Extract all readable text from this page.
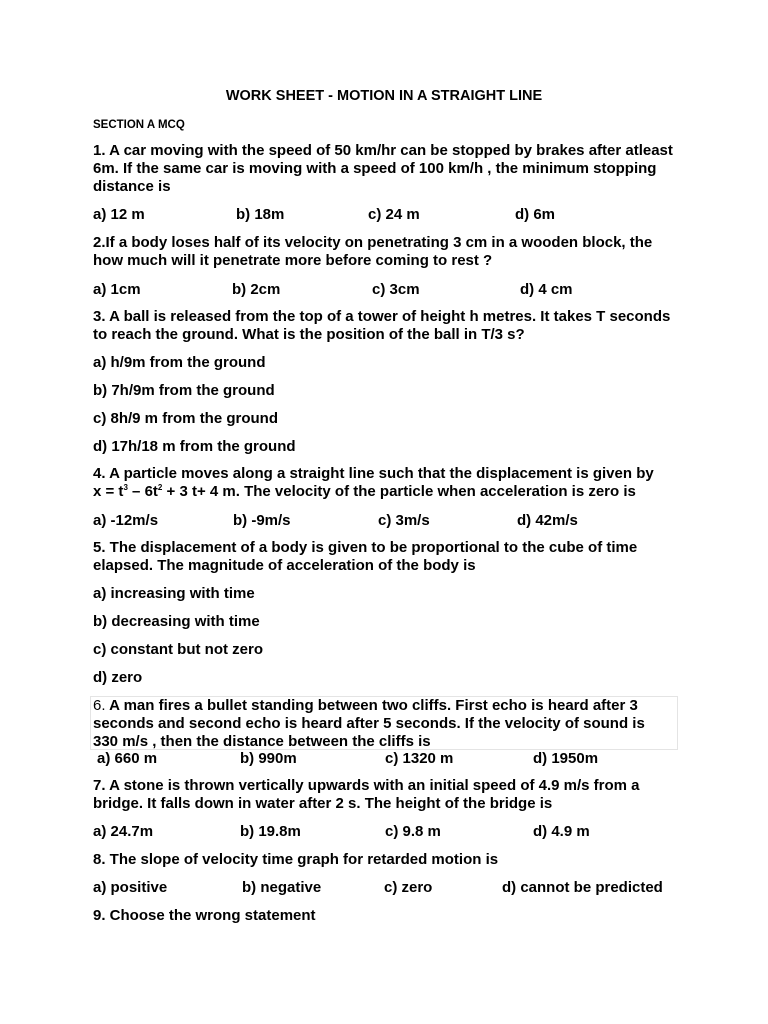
WORK SHEET - MOTION IN A STRAIGHT LINE
SECTION A MCQ
1. A car moving with the speed of 50 km/hr can be stopped by brakes after atleast 6m. If the same car is moving with a speed of 100 km/h , the minimum stopping distance is
a) 12 m	b) 18m	c) 24 m	d) 6m
2.If a body loses half of its velocity on penetrating 3 cm in a wooden block, the how much will it penetrate more before coming to rest ?
a) 1cm	b) 2cm	c) 3cm	d) 4 cm
3. A ball is released from the top of a tower of height h metres. It takes T seconds to reach the ground. What is the position of the ball in T/3 s?
a) h/9m from the ground
b) 7h/9m from the ground
c) 8h/9 m from the ground
d) 17h/18 m from the ground
4. A particle moves along a straight line such that the displacement is given by
$x = t^3 - 6t^2 + 3$ t+ 4 m. The velocity of the particle when acceleration is zero is
a) -12m/s	b) -9m/s	c) 3m/s	d) 42m/s
5. The displacement of a body is given to be proportional to the cube of time elapsed. The magnitude of acceleration of the body is
a) increasing with time
b) decreasing with time
c) constant but not zero
d) zero
6. A man fires a bullet standing between two cliffs. First echo is heard after 3 seconds and second echo is heard after 5 seconds. If the velocity of sound is 330 m/s , then the distance between the cliffs is
a) 660 m	b) 990m	c) 1320 m	d) 1950m
7. A stone is thrown vertically upwards with an initial speed of 4.9 m/s from a bridge. It falls down in water after 2 s. The height of the bridge is
a) 24.7m	b) 19.8m	c) 9.8 m	d) 4.9 m
8. The slope of velocity time graph for retarded motion is
a) positive	b) negative	c) zero	d) cannot be predicted
9. Choose the wrong statement
